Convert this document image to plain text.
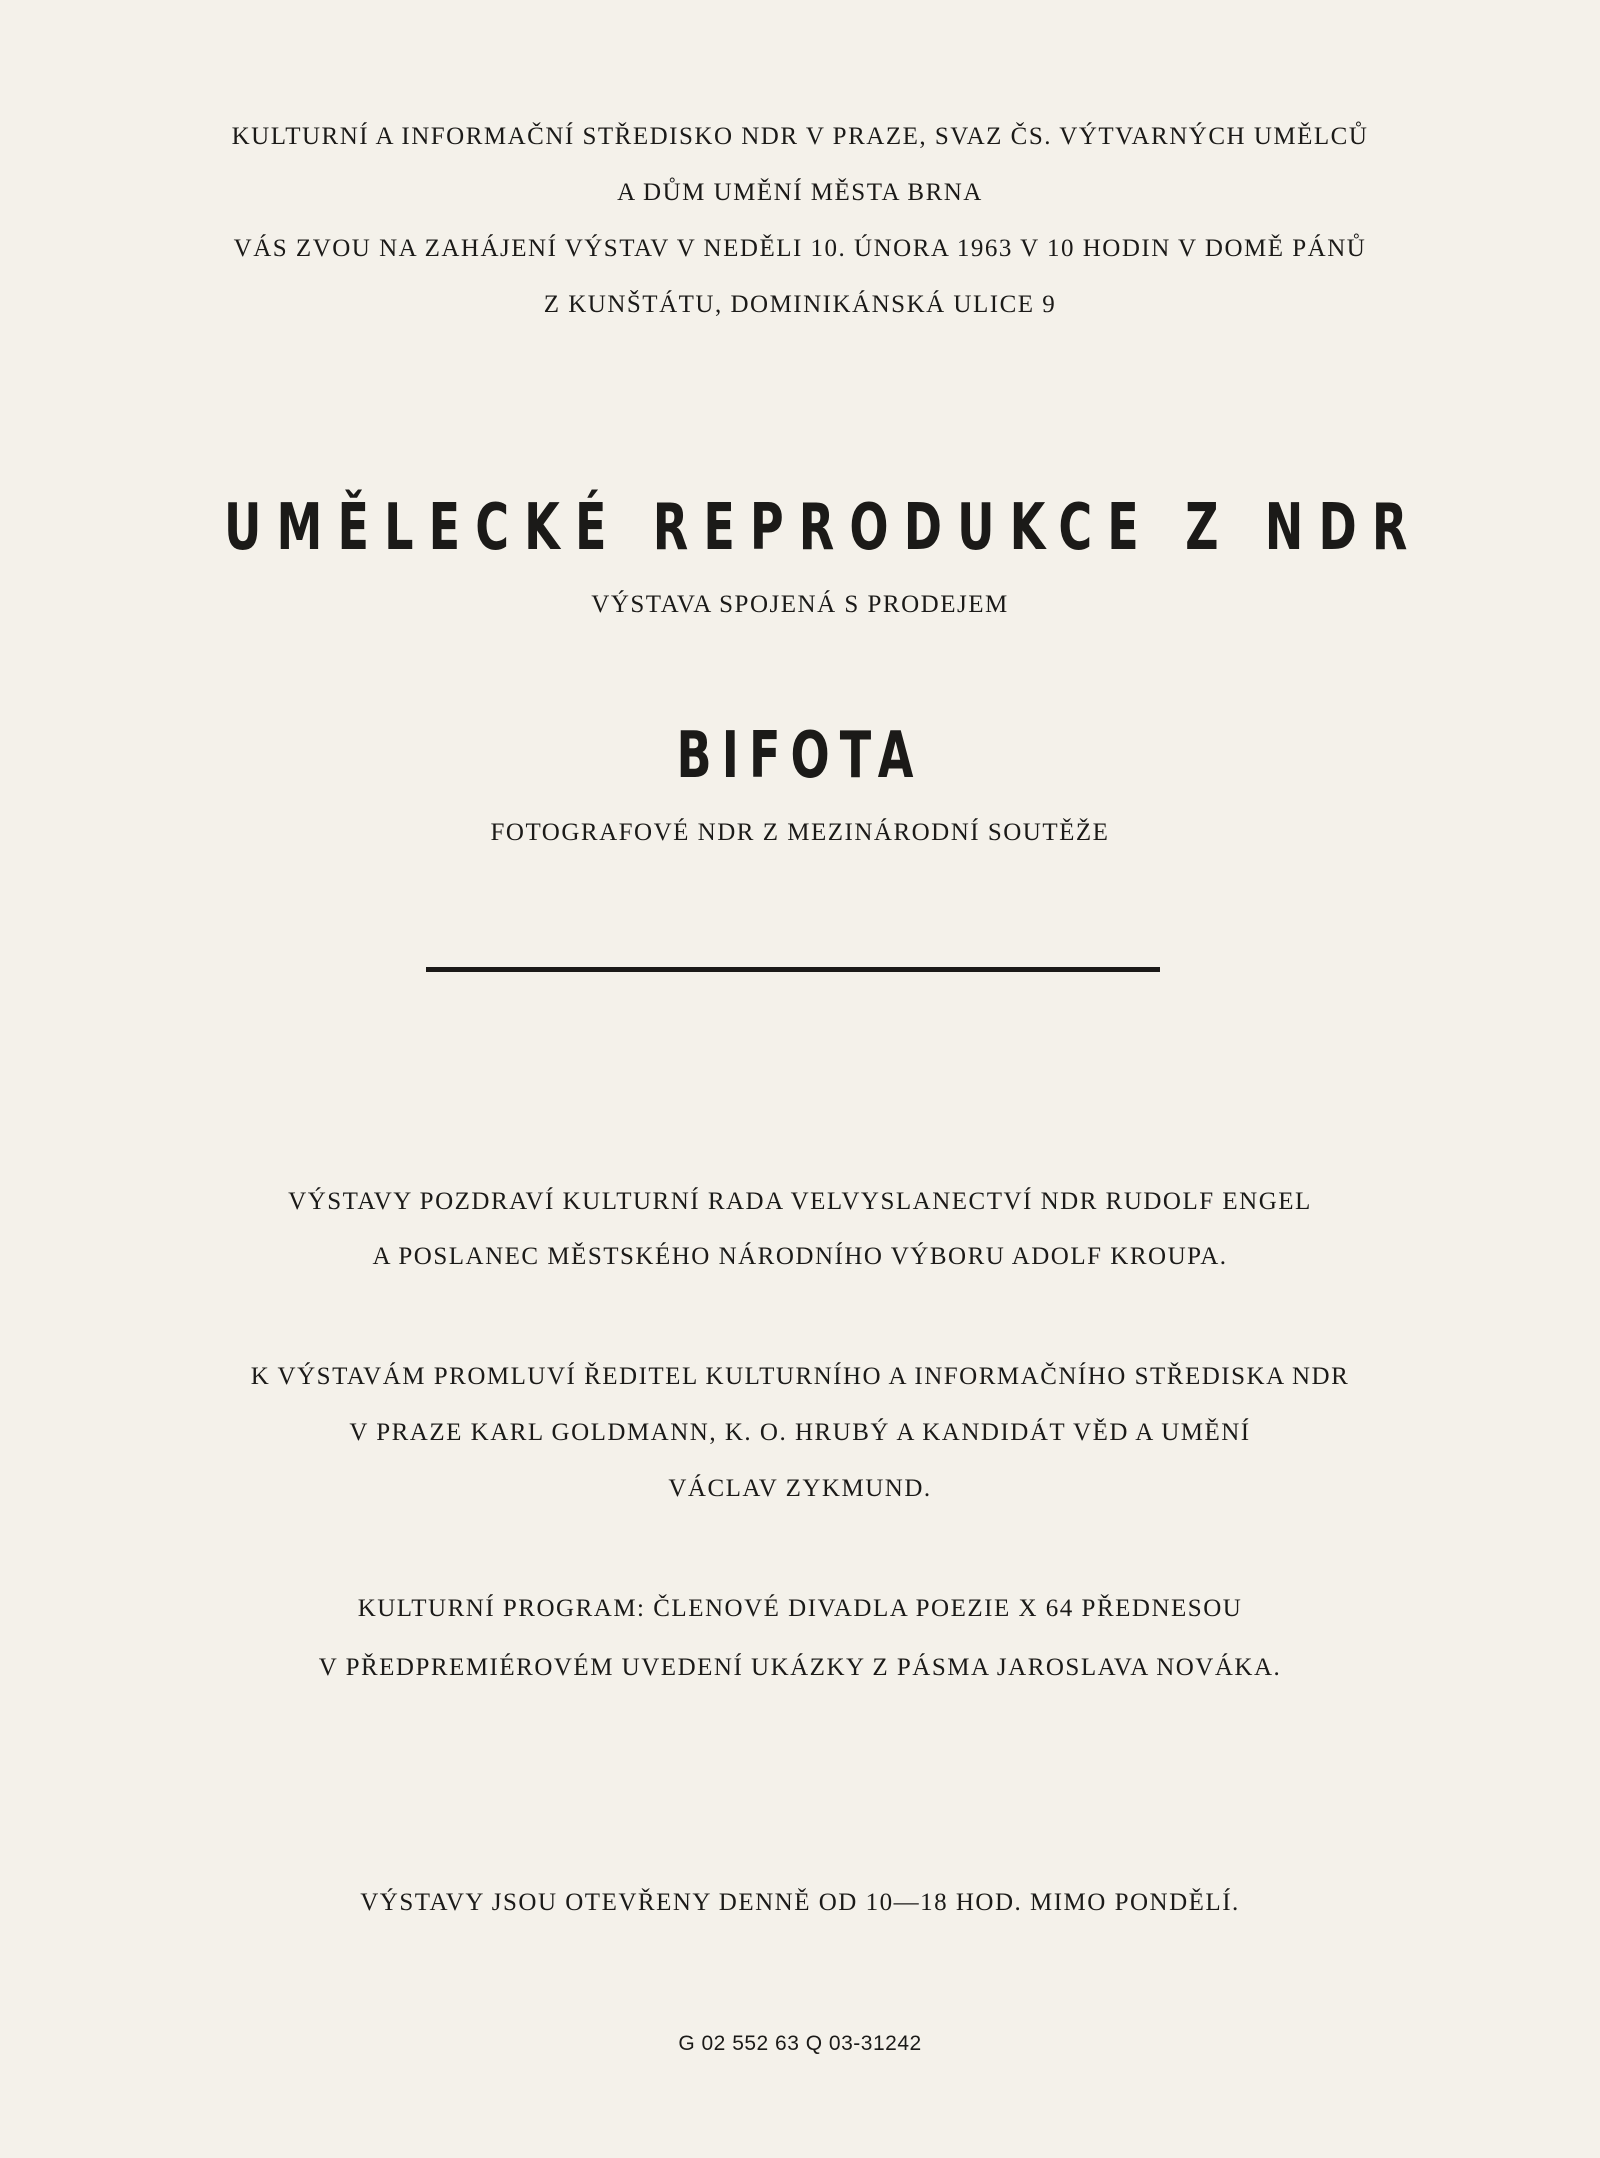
KULTURNÍ A INFORMAČNÍ STŘEDISKO NDR V PRAZE, SVAZ ČS. VÝTVARNÝCH UMĚLCŮ

A DŮM UMĚNÍ MĚSTA BRNA

VÁS ZVOU NA ZAHÁJENÍ VÝSTAV V NEDĚLI 10. ÚNORA 1963 V 10 HODIN V DOMĚ PÁNŮ

Z KUNŠTÁTU, DOMINIKÁNSKÁ ULICE 9

UMĚLECKÉ REPRODUKCE Z NDR

VÝSTAVA SPOJENÁ S PRODEJEM

BIFOTA

FOTOGRAFOVÉ NDR Z MEZINÁRODNÍ SOUTĚŽE

VÝSTAVY POZDRAVÍ KULTURNÍ RADA VELVYSLANECTVÍ NDR RUDOLF ENGEL

A POSLANEC MĚSTSKÉHO NÁRODNÍHO VÝBORU ADOLF KROUPA.

K VÝSTAVÁM PROMLUVÍ ŘEDITEL KULTURNÍHO A INFORMAČNÍHO STŘEDISKA NDR

V PRAZE KARL GOLDMANN, K. O. HRUBÝ A KANDIDÁT VĚD A UMĚNÍ

VÁCLAV ZYKMUND.

KULTURNÍ PROGRAM: ČLENOVÉ DIVADLA POEZIE X 64 PŘEDNESOU

V PŘEDPREMIÉROVÉM UVEDENÍ UKÁZKY Z PÁSMA JAROSLAVA NOVÁKA.

VÝSTAVY JSOU OTEVŘENY DENNĚ OD 10—18 HOD. MIMO PONDĚLÍ.

G 02 552 63 Q 03-31242
